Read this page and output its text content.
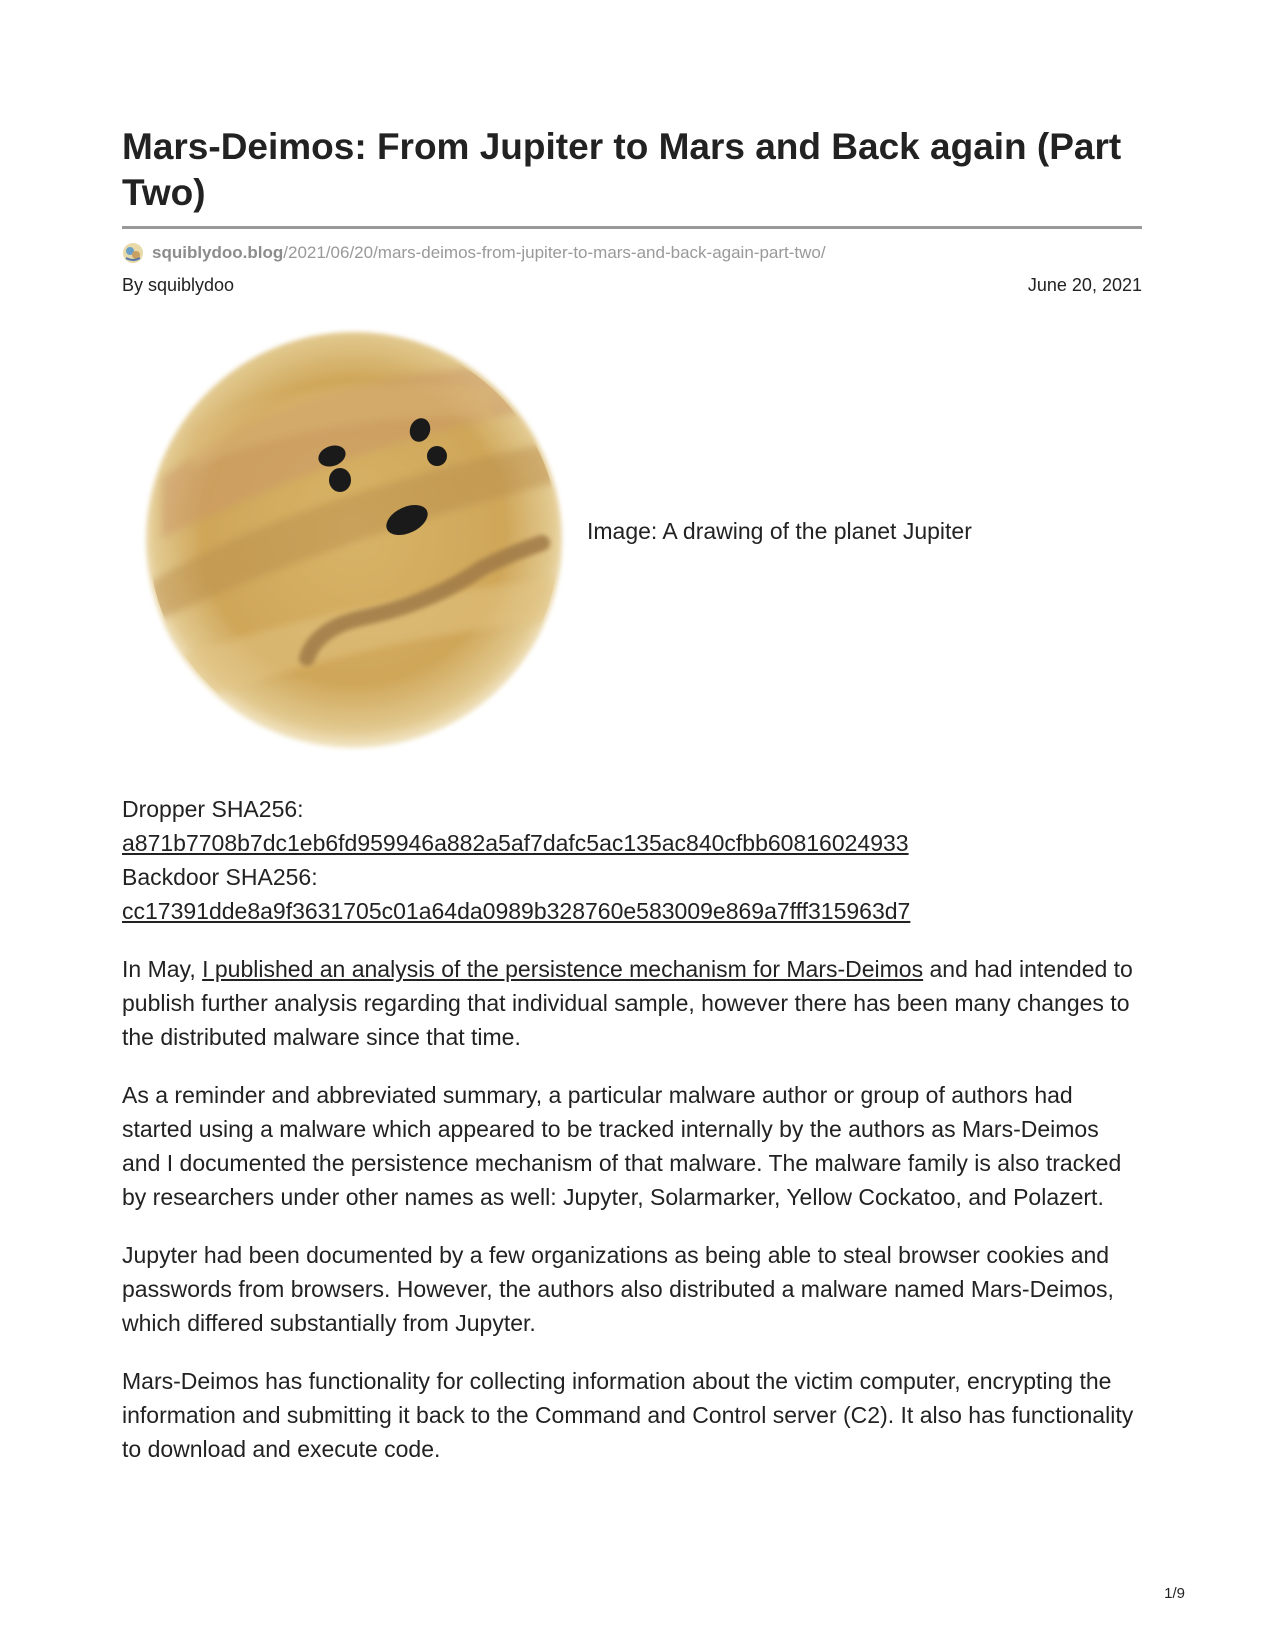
Mars-Deimos: From Jupiter to Mars and Back again (Part Two)
squiblydoo.blog /2021/06/20/mars-deimos-from-jupiter-to-mars-and-back-again-part-two/
By squiblydoo	June 20, 2021
Image: A drawing of the planet Jupiter
Dropper SHA256:
a871b7708b7dc1eb6fd959946a882a5af7dafc5ac135ac840cfbb60816024933
Backdoor SHA256:
cc17391dde8a9f3631705c01a64da0989b328760e583009e869a7fff315963d7

In May, I published an analysis of the persistence mechanism for Mars-Deimos and had intended to publish further analysis regarding that individual sample, however there has been many changes to the distributed malware since that time.

As a reminder and abbreviated summary, a particular malware author or group of authors had started using a malware which appeared to be tracked internally by the authors as Mars-Deimos and I documented the persistence mechanism of that malware. The malware family is also tracked by researchers under other names as well: Jupyter, Solarmarker, Yellow Cockatoo, and Polazert.

Jupyter had been documented by a few organizations as being able to steal browser cookies and passwords from browsers. However, the authors also distributed a malware named Mars-Deimos, which differed substantially from Jupyter.

Mars-Deimos has functionality for collecting information about the victim computer, encrypting the information and submitting it back to the Command and Control server (C2). It also has functionality to download and execute code.

1/9
